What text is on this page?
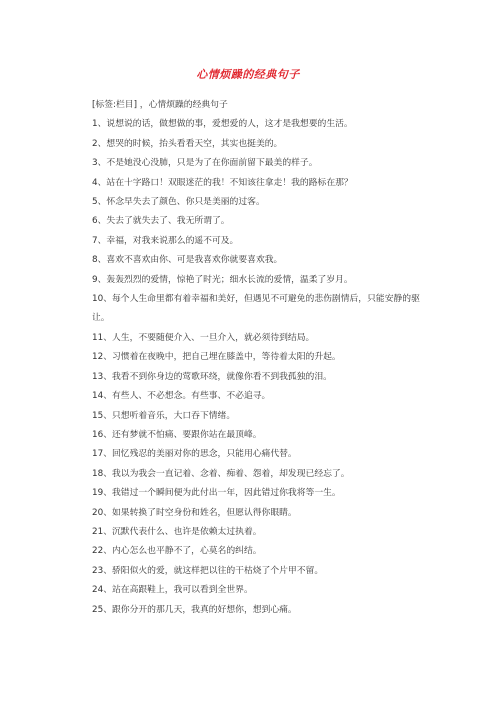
心情烦躁的经典句子

[标签:栏目] ，心情烦躁的经典句子

1、说想说的话，做想做的事，爱想爱的人，这才是我想要的生活。

2、想哭的时候，抬头看看天空，其实也挺美的。

3、不是她没心没肺，只是为了在你面前留下最美的样子。

4、站在十字路口！双眼迷茫的我！不知该往拿走！我的路标在那？

5、怀念早失去了颜色、你只是美丽的过客。

6、失去了就失去了、我无所谓了。

7、幸福，对我来说那么的遥不可及。

8、喜欢不喜欢由你、可是我喜欢你就要喜欢我。

9、轰轰烈烈的爱情，惊艳了时光；细水长流的爱情，温柔了岁月。

10、每个人生命里都有着幸福和美好，但遇见不可避免的悲伤剧情后，只能安静的驱让。

11、人生，不要随便介入、一旦介入，就必须待到结局。

12、习惯着在夜晚中，把自己埋在膝盖中，等待着太阳的升起。

13、我看不到你身边的莺歌环绕，就像你看不到我孤独的泪。

14、有些人、不必想念。有些事、不必追寻。

15、只想听着音乐，大口吞下情绪。

16、还有梦就不怕痛、要跟你站在最顶峰。

17、回忆残忍的美丽对你的思念，只能用心痛代替。

18、我以为我会一直记着、念着、痴着、怨着，却发现已经忘了。

19、我错过一个瞬间便为此付出一年，因此错过你我将等一生。

20、如果转换了时空身份和姓名，但愿认得你眼睛。

21、沉默代表什么、也许是依赖太过执着。

22、内心怎么也平静不了，心莫名的纠结。

23、骄阳似火的爱，就这样把以往的干枯烧了个片甲不留。

24、站在高跟鞋上，我可以看到全世界。

25、跟你分开的那几天，我真的好想你，想到心痛。
